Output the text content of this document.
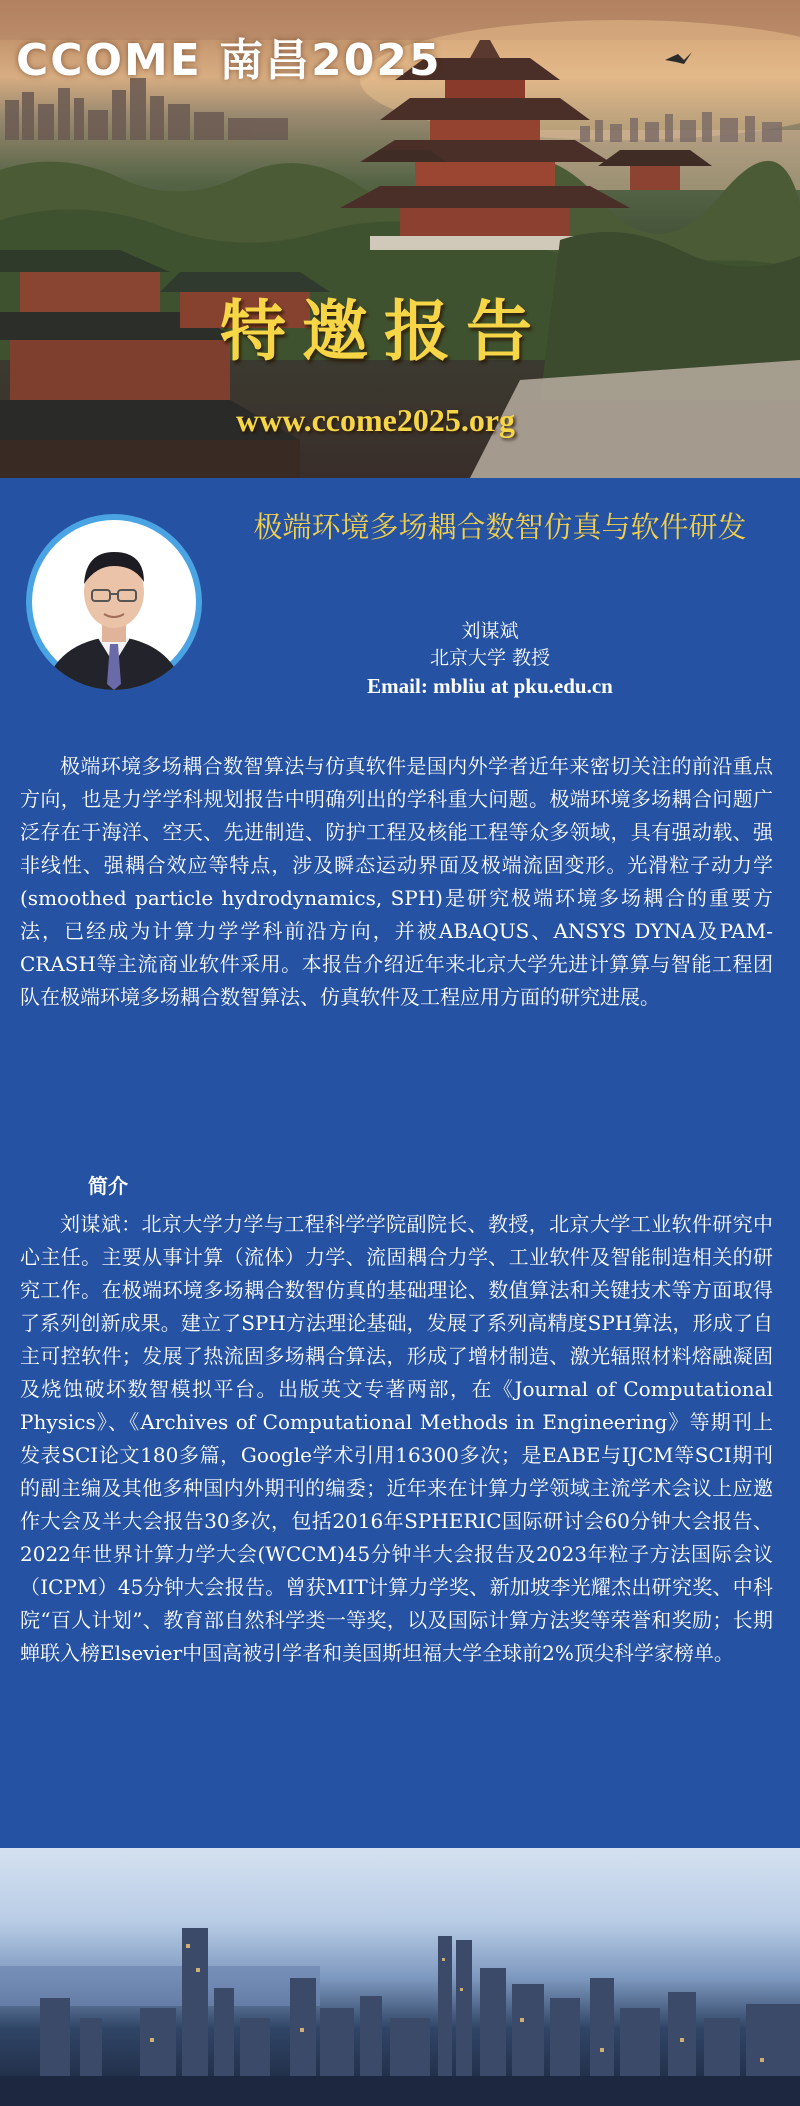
CCOME 南昌2025
特邀报告
www.ccome2025.org
极端环境多场耦合数智仿真与软件研发
刘谋斌
北京大学 教授
Email: mbliu at pku.edu.cn

极端环境多场耦合数智算法与仿真软件是国内外学者近年来密切关注的前沿重点方向，也是力学学科规划报告中明确列出的学科重大问题。极端环境多场耦合问题广泛存在于海洋、空天、先进制造、防护工程及核能工程等众多领域，具有强动载、强非线性、强耦合效应等特点，涉及瞬态运动界面及极端流固变形。光滑粒子动力学(smoothed particle hydrodynamics, SPH)是研究极端环境多场耦合的重要方法，已经成为计算力学学科前沿方向，并被ABAQUS、ANSYS DYNA及PAM-CRASH等主流商业软件采用。本报告介绍近年来北京大学先进计算算与智能工程团队在极端环境多场耦合数智算法、仿真软件及工程应用方面的研究进展。

简介

刘谋斌：北京大学力学与工程科学学院副院长、教授，北京大学工业软件研究中心主任。主要从事计算（流体）力学、流固耦合力学、工业软件及智能制造相关的研究工作。在极端环境多场耦合数智仿真的基础理论、数值算法和关键技术等方面取得了系列创新成果。建立了SPH方法理论基础，发展了系列高精度SPH算法，形成了自主可控软件；发展了热流固多场耦合算法，形成了增材制造、激光辐照材料熔融凝固及烧蚀破坏数智模拟平台。出版英文专著两部，在《Journal of Computational Physics》、《Archives of Computational Methods in Engineering》等期刊上发表SCI论文180多篇，Google学术引用16300多次；是EABE与IJCM等SCI期刊的副主编及其他多种国内外期刊的编委；近年来在计算力学领域主流学术会议上应邀作大会及半大会报告30多次，包括2016年SPHERIC国际研讨会60分钟大会报告、2022年世界计算力学大会(WCCM)45分钟半大会报告及2023年粒子方法国际会议（ICPM）45分钟大会报告。曾获MIT计算力学奖、新加坡李光耀杰出研究奖、中科院“百人计划”、教育部自然科学类一等奖，以及国际计算方法奖等荣誉和奖励；长期蝉联入榜Elsevier中国高被引学者和美国斯坦福大学全球前2%顶尖科学家榜单。
